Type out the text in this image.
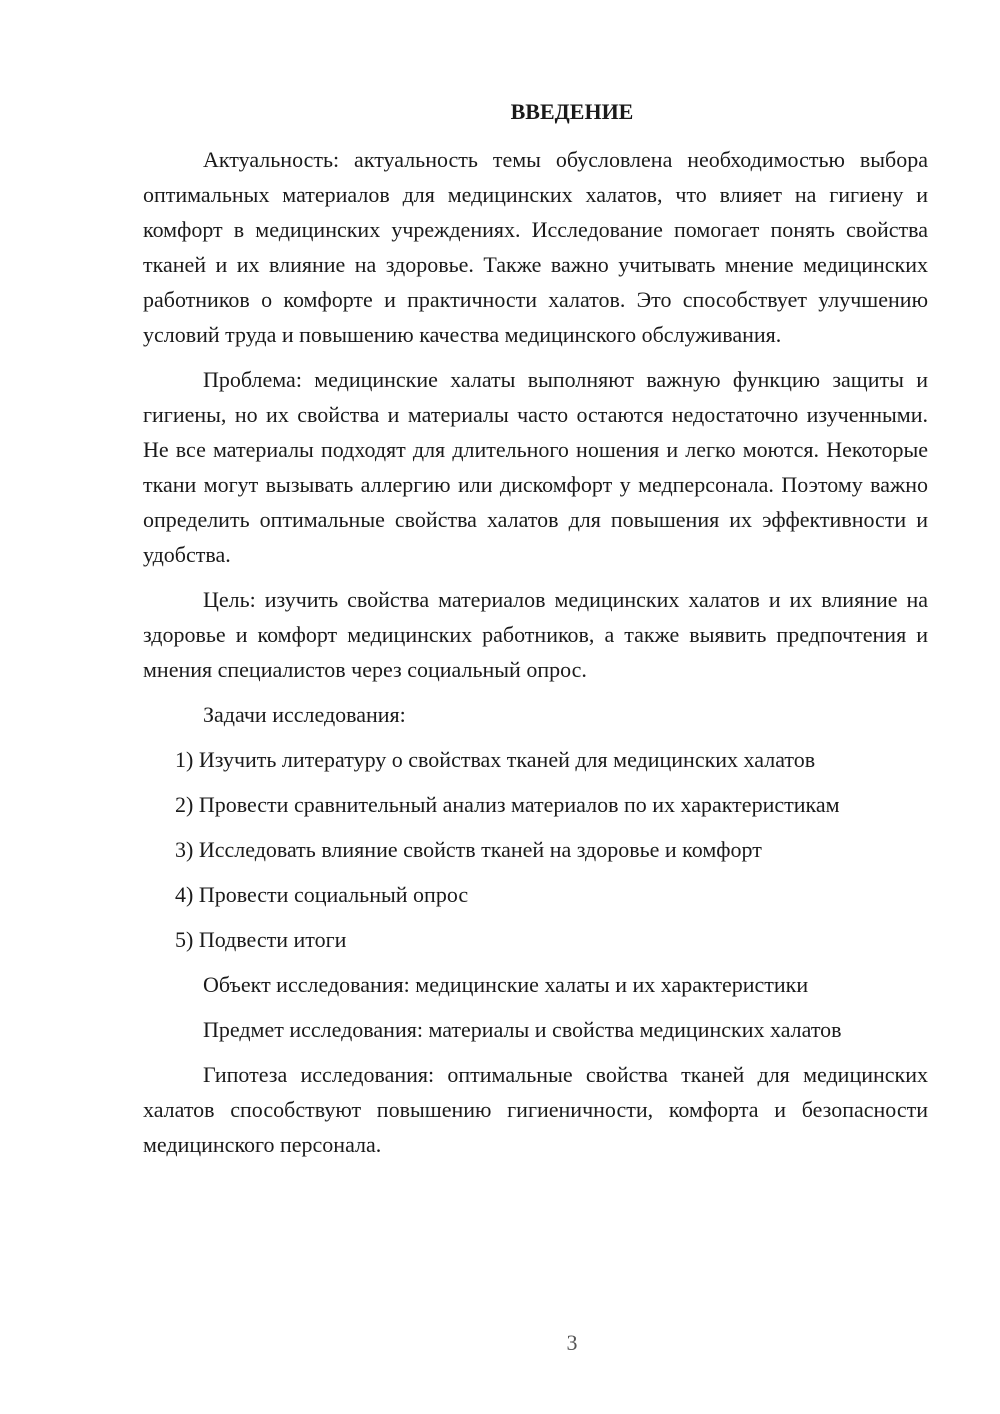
ВВЕДЕНИЕ

Актуальность: актуальность темы обусловлена необходимостью выбора оптимальных материалов для медицинских халатов, что влияет на гигиену и комфорт в медицинских учреждениях. Исследование помогает понять свойства тканей и их влияние на здоровье. Также важно учитывать мнение медицинских работников о комфорте и практичности халатов. Это способствует улучшению условий труда и повышению качества медицинского обслуживания.

Проблема: медицинские халаты выполняют важную функцию защиты и гигиены, но их свойства и материалы часто остаются недостаточно изученными. Не все материалы подходят для длительного ношения и легко моются. Некоторые ткани могут вызывать аллергию или дискомфорт у медперсонала. Поэтому важно определить оптимальные свойства халатов для повышения их эффективности и удобства.

Цель: изучить свойства материалов медицинских халатов и их влияние на здоровье и комфорт медицинских работников, а также выявить предпочтения и мнения специалистов через социальный опрос.

Задачи исследования:

1) Изучить литературу о свойствах тканей для медицинских халатов

2) Провести сравнительный анализ материалов по их характеристикам

3) Исследовать влияние свойств тканей на здоровье и комфорт

4) Провести социальный опрос

5) Подвести итоги

Объект исследования: медицинские халаты и их характеристики

Предмет исследования: материалы и свойства медицинских халатов

Гипотеза исследования: оптимальные свойства тканей для медицинских халатов способствуют повышению гигиеничности, комфорта и безопасности медицинского персонала.

3
